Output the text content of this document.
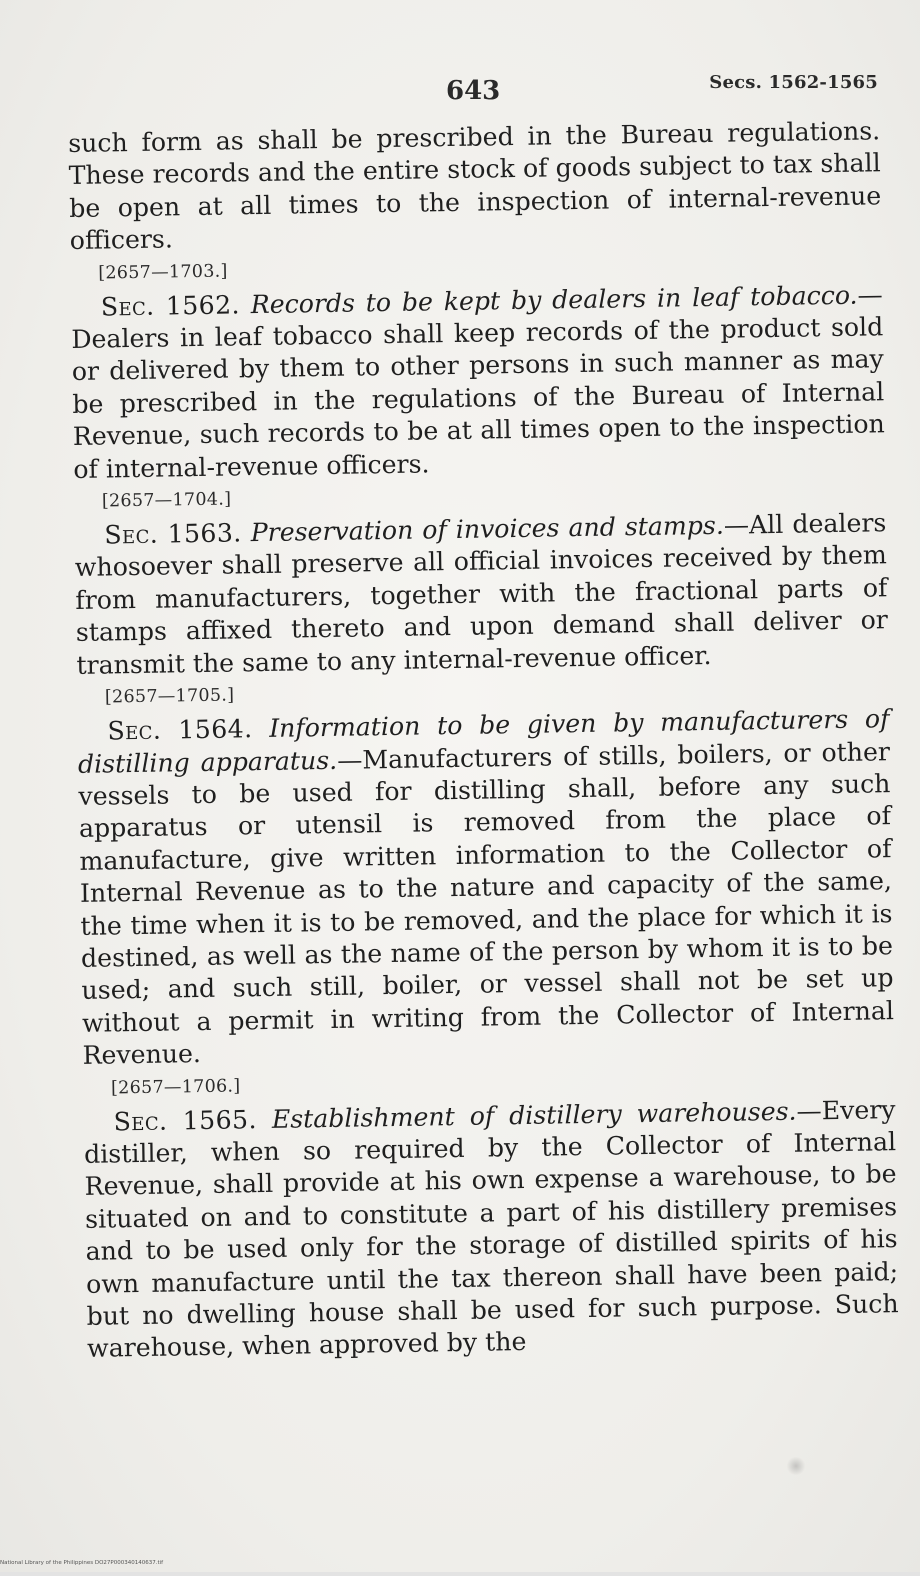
643	Secs. 1562-1565

such form as shall be prescribed in the Bureau regulations. These records and the entire stock of goods subject to tax shall be open at all times to the inspection of internal-revenue officers.

[2657—1703.]

Sec. 1562. Records to be kept by dealers in leaf tobacco.—Dealers in leaf tobacco shall keep records of the product sold or delivered by them to other persons in such manner as may be prescribed in the regulations of the Bureau of Internal Revenue, such records to be at all times open to the inspection of internal-revenue officers.

[2657—1704.]

Sec. 1563. Preservation of invoices and stamps.—All dealers whosoever shall preserve all official invoices received by them from manufacturers, together with the fractional parts of stamps affixed thereto and upon demand shall deliver or transmit the same to any internal-revenue officer.

[2657—1705.]

Sec. 1564. Information to be given by manufacturers of distilling apparatus.—Manufacturers of stills, boilers, or other vessels to be used for distilling shall, before any such apparatus or utensil is removed from the place of manufacture, give written information to the Collector of Internal Revenue as to the nature and capacity of the same, the time when it is to be removed, and the place for which it is destined, as well as the name of the person by whom it is to be used; and such still, boiler, or vessel shall not be set up without a permit in writing from the Collector of Internal Revenue.

[2657—1706.]

Sec. 1565. Establishment of distillery warehouses.—Every distiller, when so required by the Collector of Internal Revenue, shall provide at his own expense a warehouse, to be situated on and to constitute a part of his distillery premises and to be used only for the storage of distilled spirits of his own manufacture until the tax thereon shall have been paid; but no dwelling house shall be used for such purpose. Such warehouse, when approved by the

National Library of the Philippines DO27P000340140637.tif
